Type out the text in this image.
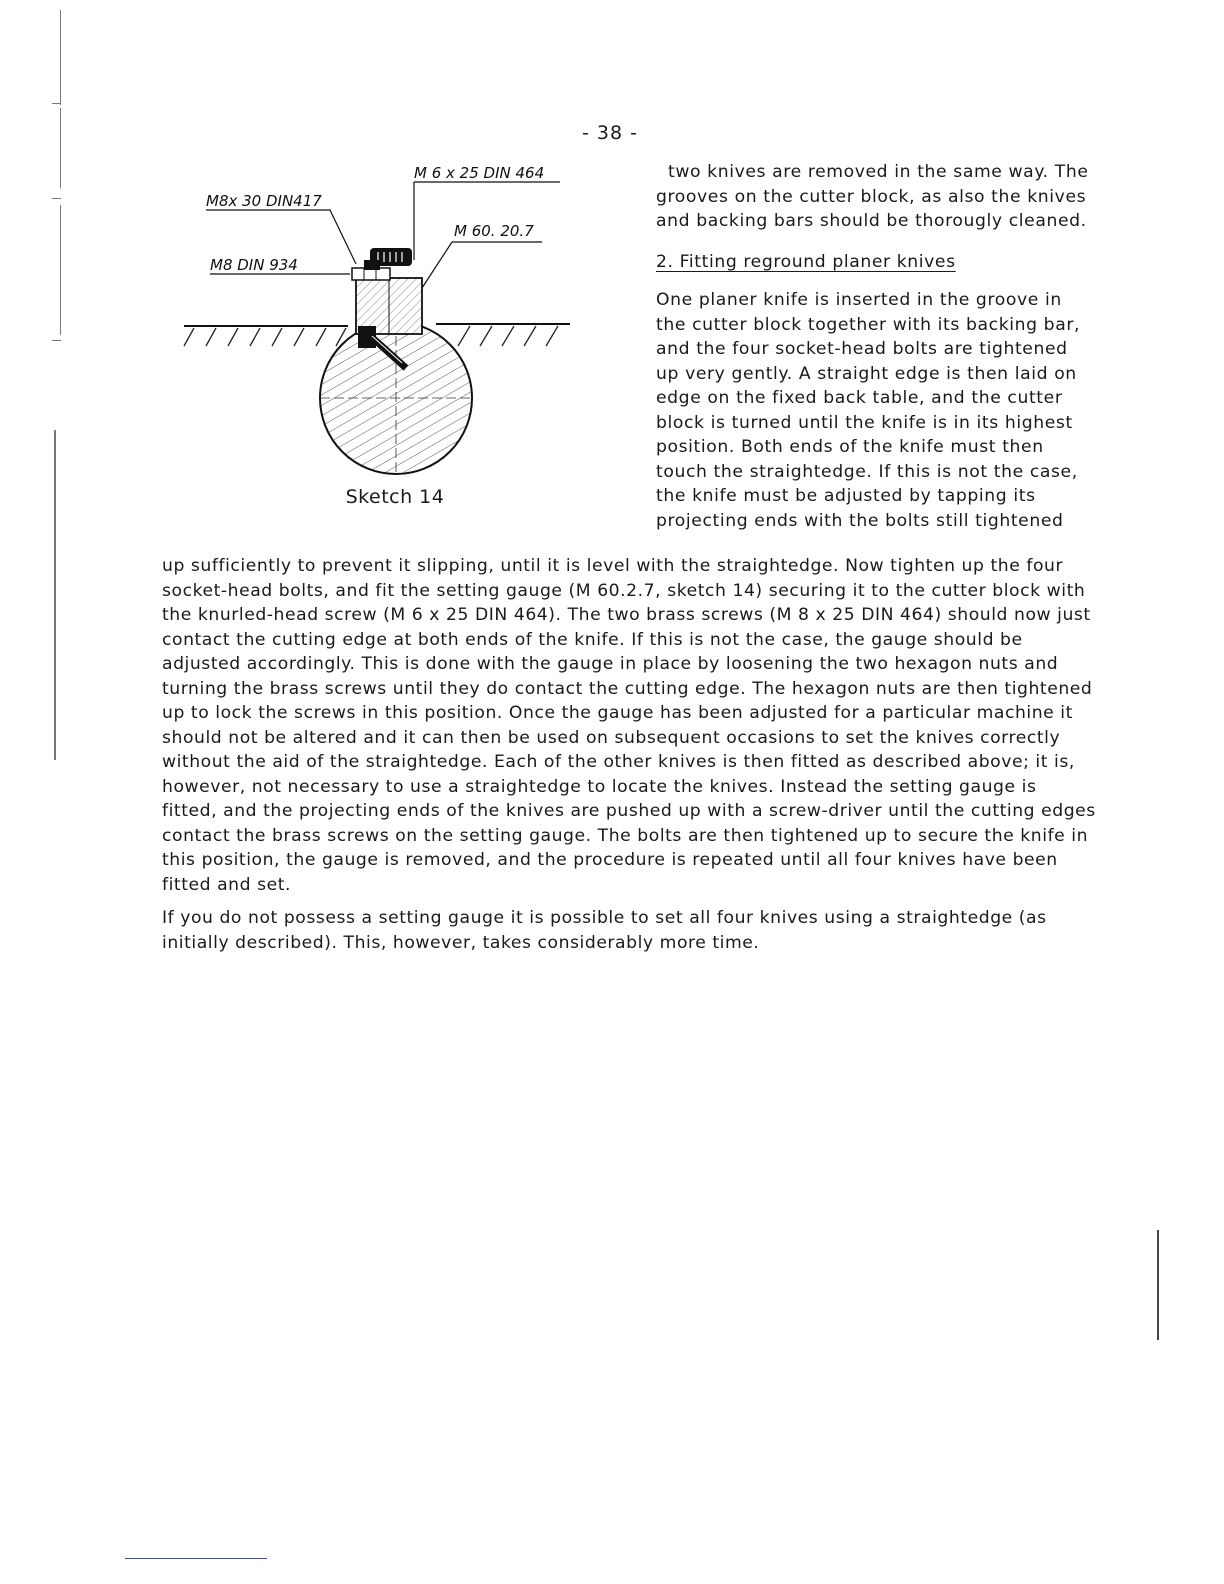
- 38 -
M 6 x 25 DIN 464
M8x 30 DIN417
M 60. 20.7
M8 DIN 934
Sketch 14

two knives are removed in the same way. The grooves on the cutter block, as also the knives and backing bars should be thorougly cleaned.

2. Fitting reground planer knives

One planer knife is inserted in the groove in the cutter block together with its backing bar, and the four socket-head bolts are tightened up very gently. A straight edge is then laid on edge on the fixed back table, and the cutter block is turned until the knife is in its highest position. Both ends of the knife must then touch the straightedge. If this is not the case, the knife must be adjusted by tapping its projecting ends with the bolts still tightened

up sufficiently to prevent it slipping, until it is level with the straightedge. Now tighten up the four socket-head bolts, and fit the setting gauge (M 60.2.7, sketch 14) securing it to the cutter block with the knurled-head screw (M 6 x 25 DIN 464). The two brass screws (M 8 x 25 DIN 464) should now just contact the cutting edge at both ends of the knife. If this is not the case, the gauge should be adjusted accordingly. This is done with the gauge in place by loosening the two hexagon nuts and turning the brass screws until they do contact the cutting edge. The hexagon nuts are then tightened up to lock the screws in this position. Once the gauge has been adjusted for a particular machine it should not be altered and it can then be used on subsequent occasions to set the knives correctly without the aid of the straightedge. Each of the other knives is then fitted as described above; it is, however, not necessary to use a straightedge to locate the knives. Instead the setting gauge is fitted, and the projecting ends of the knives are pushed up with a screw-driver until the cutting edges contact the brass screws on the setting gauge. The bolts are then tightened up to secure the knife in this position, the gauge is removed, and the procedure is repeated until all four knives have been fitted and set.
If you do not possess a setting gauge it is possible to set all four knives using a straightedge (as initially described). This, however, takes considerably more time.
